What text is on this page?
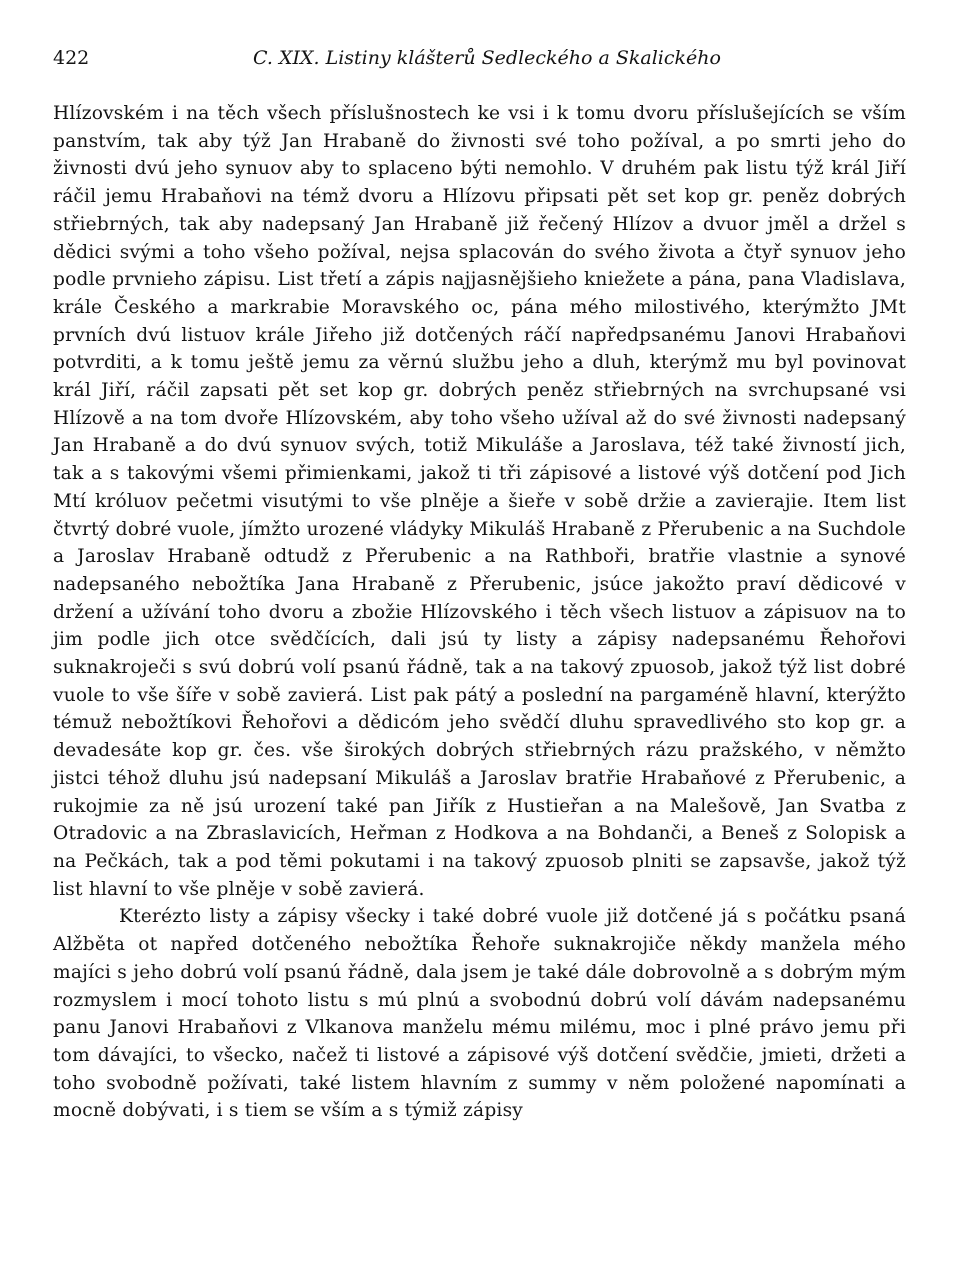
422	C. XIX. Listiny klášterů Sedleckého a Skalického

Hlízovském i na těch všech příslušnostech ke vsi i k tomu dvoru příslušejících se vším panstvím, tak aby týž Jan Hrabaně do živnosti své toho požíval, a po smrti jeho do živnosti dvú jeho synuov aby to splaceno býti nemohlo. V druhém pak listu týž král Jiří ráčil jemu Hrabaňovi na témž dvoru a Hlízovu připsati pět set kop gr. peněz dobrých střiebrných, tak aby nadepsaný Jan Hrabaně již řečený Hlízov a dvuor jměl a držel s dědici svými a toho všeho požíval, nejsa splacován do svého života a čtyř synuov jeho podle prvnieho zápisu. List třetí a zápis najjasnějšieho kniežete a pána, pana Vladislava, krále Českého a markrabie Moravského oc, pána mého milostivého, kterýmžto JMt prvních dvú listuov krále Jiřeho již dotčených ráčí napředpsanému Janovi Hrabaňovi potvrditi, a k tomu ještě jemu za věrnú službu jeho a dluh, kterýmž mu byl povinovat král Jiří, ráčil zapsati pět set kop gr. dobrých peněz střiebrných na svrchupsané vsi Hlízově a na tom dvoře Hlízovském, aby toho všeho užíval až do své živnosti nadepsaný Jan Hrabaně a do dvú synuov svých, totiž Mikuláše a Jaroslava, též také živností jich, tak a s takovými všemi přimienkami, jakož ti tři zápisové a listové výš dotčení pod Jich Mtí króluov pečetmi visutými to vše plněje a šieře v sobě držie a zavierajie. Item list čtvrtý dobré vuole, jímžto urozené vládyky Mikuláš Hrabaně z Přerubenic a na Suchdole a Jaroslav Hrabaně odtudž z Přerubenic a na Rathboři, bratřie vlastnie a synové nadepsaného nebožtíka Jana Hrabaně z Přerubenic, jsúce jakožto praví dědicové v držení a užívání toho dvoru a zbožie Hlízovského i těch všech listuov a zápisuov na to jim podle jich otce svědčících, dali jsú ty listy a zápisy nadepsanému Řehořovi suknakroječi s svú dobrú volí psanú řádně, tak a na takový zpuosob, jakož týž list dobré vuole to vše šíře v sobě zavierá. List pak pátý a poslední na pargaméně hlavní, kterýžto témuž nebožtíkovi Řehořovi a dědicóm jeho svědčí dluhu spravedlivého sto kop gr. a devadesáte kop gr. čes. vše širokých dobrých střiebrných rázu pražského, v němžto jistci téhož dluhu jsú nadepsaní Mikuláš a Jaroslav bratřie Hrabaňové z Přerubenic, a rukojmie za ně jsú urození také pan Jiřík z Hustieřan a na Malešově, Jan Svatba z Otradovic a na Zbraslavicích, Heřman z Hodkova a na Bohdanči, a Beneš z Solopisk a na Pečkách, tak a pod těmi pokutami i na takový zpuosob plniti se zapsavše, jakož týž list hlavní to vše plněje v sobě zavierá.

Kterézto listy a zápisy všecky i také dobré vuole již dotčené já s počátku psaná Alžběta ot napřed dotčeného nebožtíka Řehoře suknakrojiče někdy manžela mého majíci s jeho dobrú volí psanú řádně, dala jsem je také dále dobrovolně a s dobrým mým rozmyslem i mocí tohoto listu s mú plnú a svobodnú dobrú volí dávám nadepsanému panu Janovi Hrabaňovi z Vlkanova manželu mému milému, moc i plné právo jemu při tom dávajíci, to všecko, načež ti listové a zápisové výš dotčení svědčie, jmieti, držeti a toho svobodně požívati, také listem hlavním z summy v něm položené napomínati a mocně dobývati, i s tiem se vším a s týmiž zápisy
